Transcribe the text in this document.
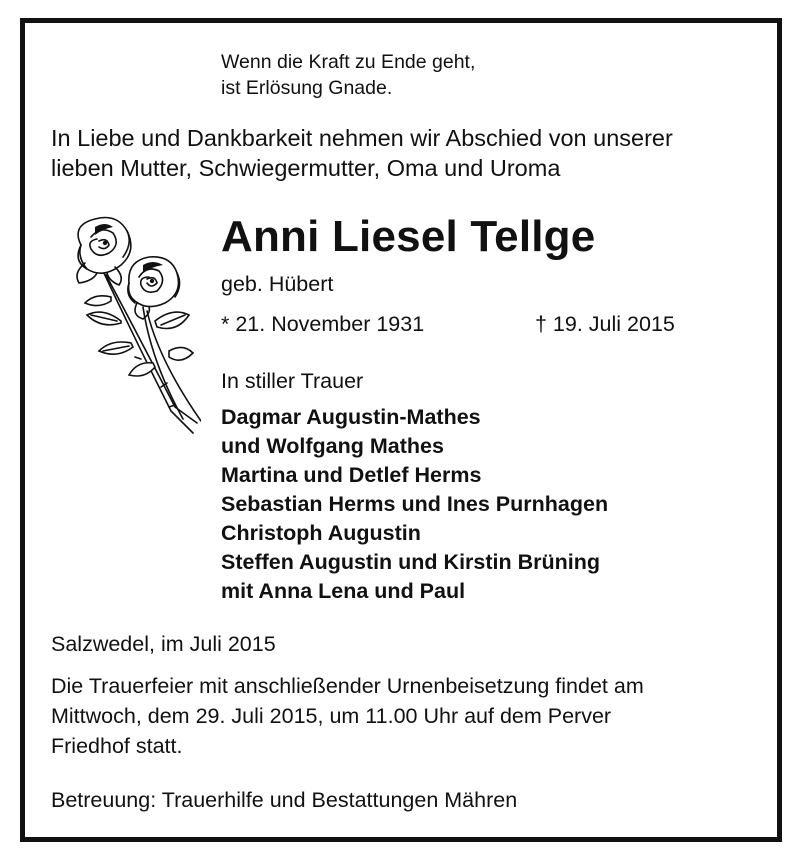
Wenn die Kraft zu Ende geht,
ist Erlösung Gnade.
In Liebe und Dankbarkeit nehmen wir Abschied von unserer
lieben Mutter, Schwiegermutter, Oma und Uroma
Anni Liesel Tellge
geb. Hübert
* 21. November 1931	† 19. Juli 2015
In stiller Trauer
Dagmar Augustin-Mathes
und Wolfgang Mathes
Martina und Detlef Herms
Sebastian Herms und Ines Purnhagen
Christoph Augustin
Steffen Augustin und Kirstin Brüning
mit Anna Lena und Paul
Salzwedel, im Juli 2015
Die Trauerfeier mit anschließender Urnenbeisetzung findet am
Mittwoch, dem 29. Juli 2015, um 11.00 Uhr auf dem Perver
Friedhof statt.
Betreuung: Trauerhilfe und Bestattungen Mähren
